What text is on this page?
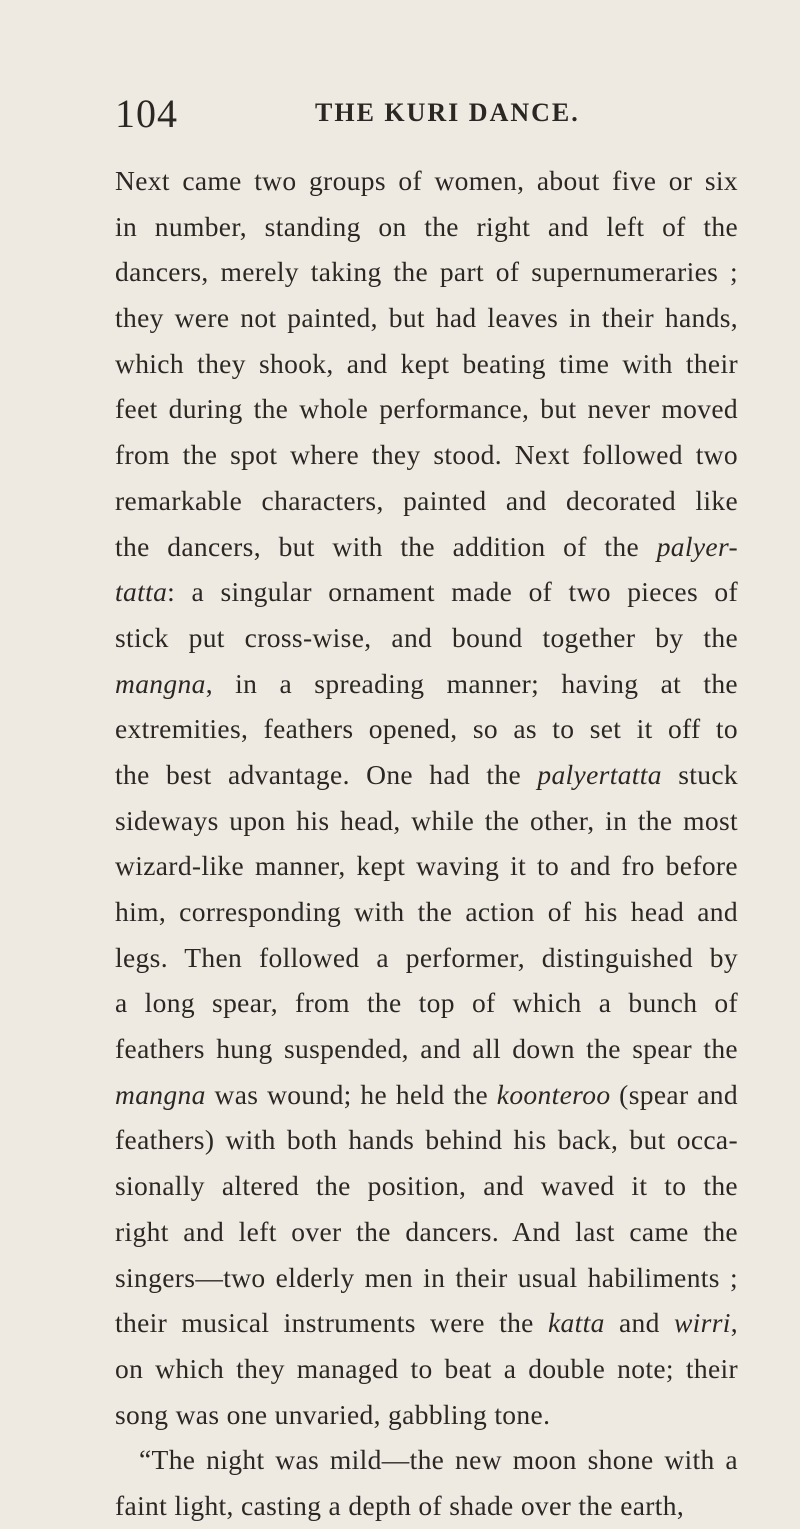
104	THE KURI DANCE.
Next came two groups of women, about five or six
in number, standing on the right and left of the
dancers, merely taking the part of supernumeraries ;
they were not painted, but had leaves in their hands,
which they shook, and kept beating time with their
feet during the whole performance, but never moved
from the spot where they stood. Next followed two
remarkable characters, painted and decorated like
the dancers, but with the addition of the palyer-
tatta: a singular ornament made of two pieces of
stick put cross-wise, and bound together by the
mangna, in a spreading manner; having at the
extremities, feathers opened, so as to set it off to
the best advantage. One had the palyertatta stuck
sideways upon his head, while the other, in the most
wizard-like manner, kept waving it to and fro before
him, corresponding with the action of his head and
legs. Then followed a performer, distinguished by
a long spear, from the top of which a bunch of
feathers hung suspended, and all down the spear the
mangna was wound; he held the koonteroo (spear and
feathers) with both hands behind his back, but occa-
sionally altered the position, and waved it to the
right and left over the dancers. And last came the
singers—two elderly men in their usual habiliments ;
their musical instruments were the katta and wirri,
on which they managed to beat a double note; their
song was one unvaried, gabbling tone.
“The night was mild—the new moon shone with a
faint light, casting a depth of shade over the earth,
